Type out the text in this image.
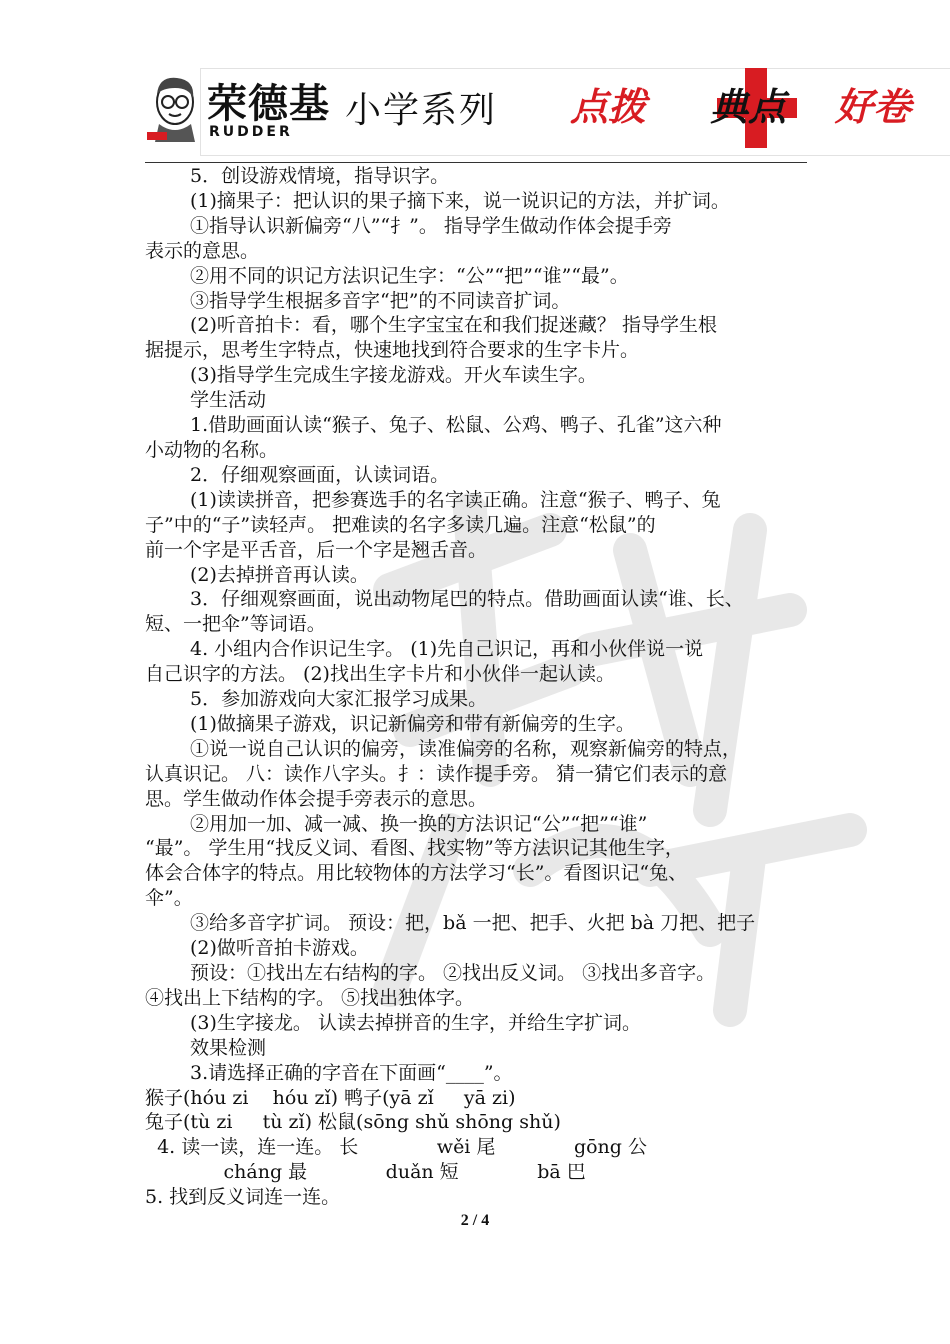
荣德基
RUDDER
小学系列 点拨 典点 好卷

5．创设游戏情境，指导识字。

(1)摘果子：把认识的果子摘下来，说一说识记的方法，并扩词。

①指导认识新偏旁“八”“扌”。 指导学生做动作体会提手旁

表示的意思。

②用不同的识记方法识记生字：“公”“把”“谁”“最”。

③指导学生根据多音字“把”的不同读音扩词。

(2)听音拍卡：看，哪个生字宝宝在和我们捉迷藏？ 指导学生根

据提示，思考生字特点，快速地找到符合要求的生字卡片。

(3)指导学生完成生字接龙游戏。开火车读生字。

学生活动

1.借助画面认读“猴子、兔子、松鼠、公鸡、鸭子、孔雀”这六种

小动物的名称。

2．仔细观察画面，认读词语。

(1)读读拼音，把参赛选手的名字读正确。注意“猴子、鸭子、兔

子”中的“子”读轻声。 把难读的名字多读几遍。注意“松鼠”的

前一个字是平舌音，后一个字是翘舌音。

(2)去掉拼音再认读。

3．仔细观察画面，说出动物尾巴的特点。借助画面认读“谁、长、

短、一把伞”等词语。

4. 小组内合作识记生字。 (1)先自己识记，再和小伙伴说一说

自己识字的方法。 (2)找出生字卡片和小伙伴一起认读。

5．参加游戏向大家汇报学习成果。

(1)做摘果子游戏，识记新偏旁和带有新偏旁的生字。

①说一说自己认识的偏旁，读准偏旁的名称，观察新偏旁的特点，

认真识记。 八：读作八字头。扌：读作提手旁。 猜一猜它们表示的意

思。学生做动作体会提手旁表示的意思。

②用加一加、减一减、换一换的方法识记“公”“把”“谁”

“最”。 学生用“找反义词、看图、找实物”等方法识记其他生字，

体会合体字的特点。用比较物体的方法学习“长”。看图识记“兔、

伞”。

③给多音字扩词。 预设：把，bǎ 一把、把手、火把 bà 刀把、把子

(2)做听音拍卡游戏。

预设：①找出左右结构的字。 ②找出反义词。 ③找出多音字。

④找出上下结构的字。 ⑤找出独体字。

(3)生字接龙。 认读去掉拼音的生字，并给生字扩词。

效果检测

3.请选择正确的字音在下面画“____”。

猴子(hóu zi    hóu zǐ) 鸭子(yā zǐ     yā zi)

兔子(tù zi     tù zǐ) 松鼠(sōng shǔ shōng shǔ)

4. 读一读，连一连。 长             wěi 尾             gōng 公

cháng 最             duǎn 短             bā 巴

5. 找到反义词连一连。

2 / 4
